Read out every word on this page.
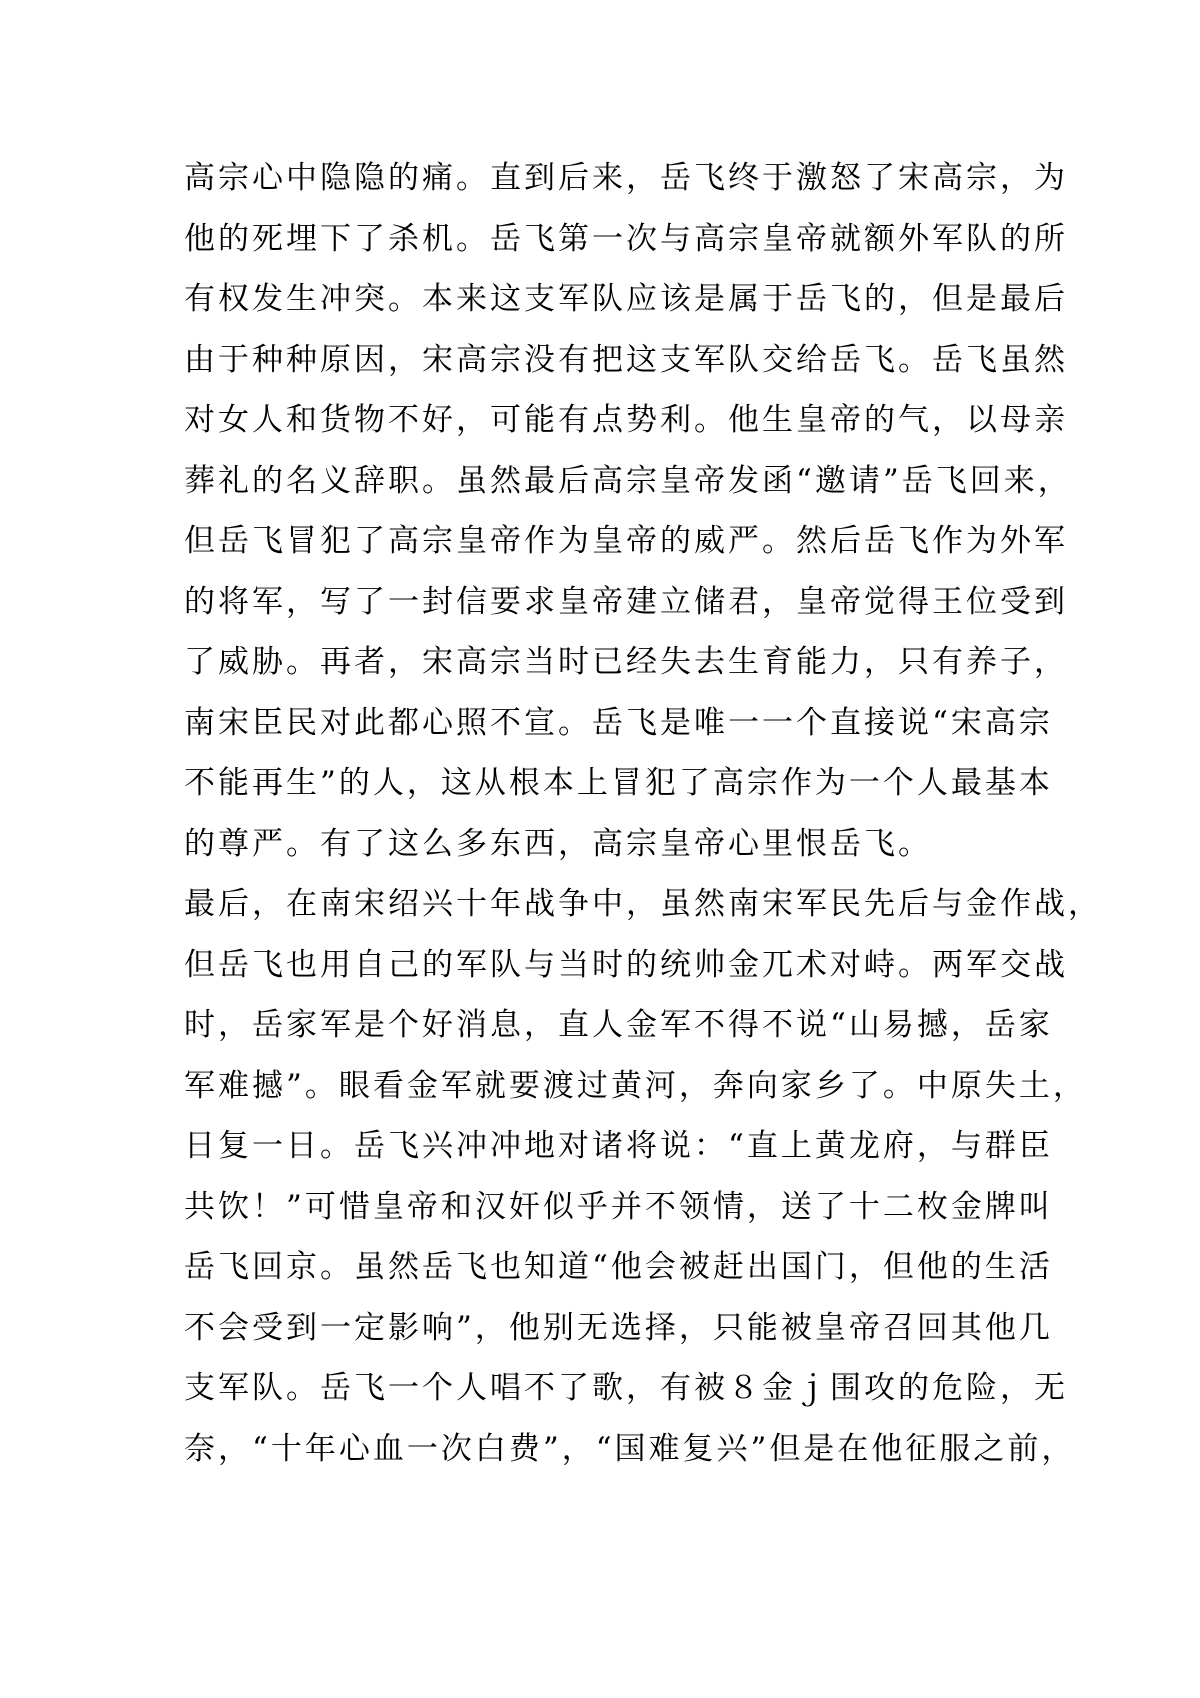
高宗心中隐隐的痛。直到后来，岳飞终于激怒了宋高宗，为
他的死埋下了杀机。岳飞第一次与高宗皇帝就额外军队的所
有权发生冲突。本来这支军队应该是属于岳飞的，但是最后
由于种种原因，宋高宗没有把这支军队交给岳飞。岳飞虽然
对女人和货物不好，可能有点势利。他生皇帝的气，以母亲
葬礼的名义辞职。虽然最后高宗皇帝发函“邀请”岳飞回来，
但岳飞冒犯了高宗皇帝作为皇帝的威严。然后岳飞作为外军
的将军，写了一封信要求皇帝建立储君，皇帝觉得王位受到
了威胁。再者，宋高宗当时已经失去生育能力，只有养子，
南宋臣民对此都心照不宣。岳飞是唯一一个直接说“宋高宗
不能再生”的人，这从根本上冒犯了高宗作为一个人最基本
的尊严。有了这么多东西，高宗皇帝心里恨岳飞。
最后，在南宋绍兴十年战争中，虽然南宋军民先后与金作战，
但岳飞也用自己的军队与当时的统帅金兀术对峙。两军交战
时，岳家军是个好消息，直人金军不得不说“山易撼，岳家
军难撼”。眼看金军就要渡过黄河，奔向家乡了。中原失土，
日复一日。岳飞兴冲冲地对诸将说：“直上黄龙府，与群臣
共饮！”可惜皇帝和汉奸似乎并不领情，送了十二枚金牌叫
岳飞回京。虽然岳飞也知道“他会被赶出国门，但他的生活
不会受到一定影响”，他别无选择，只能被皇帝召回其他几
支军队。岳飞一个人唱不了歌，有被８金ｊ围攻的危险，无
奈，“十年心血一次白费”，“国难复兴”但是在他征服之前，
